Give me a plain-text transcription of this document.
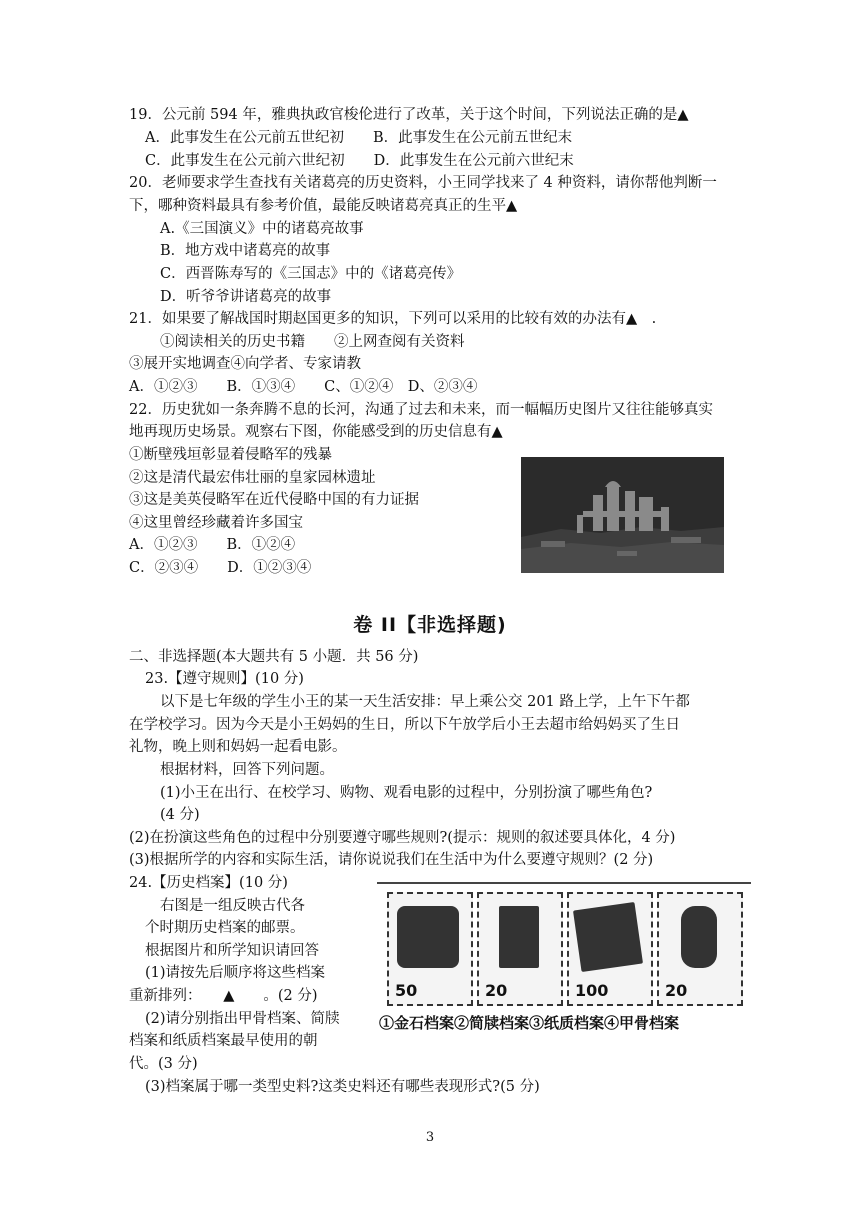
19．公元前 594 年，雅典执政官梭伦进行了改革，关于这个时间，下列说法正确的是▲
A．此事发生在公元前五世纪初　　B．此事发生在公元前五世纪末
C．此事发生在公元前六世纪初　　D．此事发生在公元前六世纪末
20．老师要求学生查找有关诸葛亮的历史资料，小王同学找来了 4 种资料，请你帮他判断一
下，哪种资料最具有参考价值，最能反映诸葛亮真正的生平▲
A.《三国演义》中的诸葛亮故事
B．地方戏中诸葛亮的故事
C．西晋陈寿写的《三国志》中的《诸葛亮传》
D．听爷爷讲诸葛亮的故事
21．如果要了解战国时期赵国更多的知识，下列可以采用的比较有效的办法有▲　.
①阅读相关的历史书籍　　②上网查阅有关资料
③展开实地调查④向学者、专家请教
A．①②③　　B．①③④　　C、①②④　D、②③④
22．历史犹如一条奔腾不息的长河，沟通了过去和未来，而一幅幅历史图片又往往能够真实
地再现历史场景。观察右下图，你能感受到的历史信息有▲
①断壁残垣彰显着侵略军的残暴
②这是清代最宏伟壮丽的皇家园林遗址
③这是美英侵略军在近代侵略中国的有力证据
④这里曾经珍藏着许多国宝
A．①②③　　B．①②④
C．②③④　　D．①②③④
卷 II【非选择题)
二、非选择题(本大题共有 5 小题．共 56 分)
23.【遵守规则】(10 分)
以下是七年级的学生小王的某一天生活安排：早上乘公交 201 路上学，上午下午都
在学校学习。因为今天是小王妈妈的生日，所以下午放学后小王去超市给妈妈买了生日
礼物，晚上则和妈妈一起看电影。
根据材料，回答下列问题。
(1)小王在出行、在校学习、购物、观看电影的过程中，分别扮演了哪些角色?
(4 分)
(2)在扮演这些角色的过程中分别要遵守哪些规则?(提示：规则的叙述要具体化，4 分)
(3)根据所学的内容和实际生活，请你说说我们在生活中为什么要遵守规则？(2 分)
24.【历史档案】(10 分)
右图是一组反映古代各
个时期历史档案的邮票。
根据图片和所学知识请回答
(1)请按先后顺序将这些档案
重新排列：　　▲　　。(2 分)
(2)请分别指出甲骨档案、简牍
档案和纸质档案最早使用的朝
代。(3 分)
(3)档案属于哪一类型史料?这类史料还有哪些表现形式?(5 分)
50	20	100	20
①金石档案②简牍档案③纸质档案④甲骨档案
3
